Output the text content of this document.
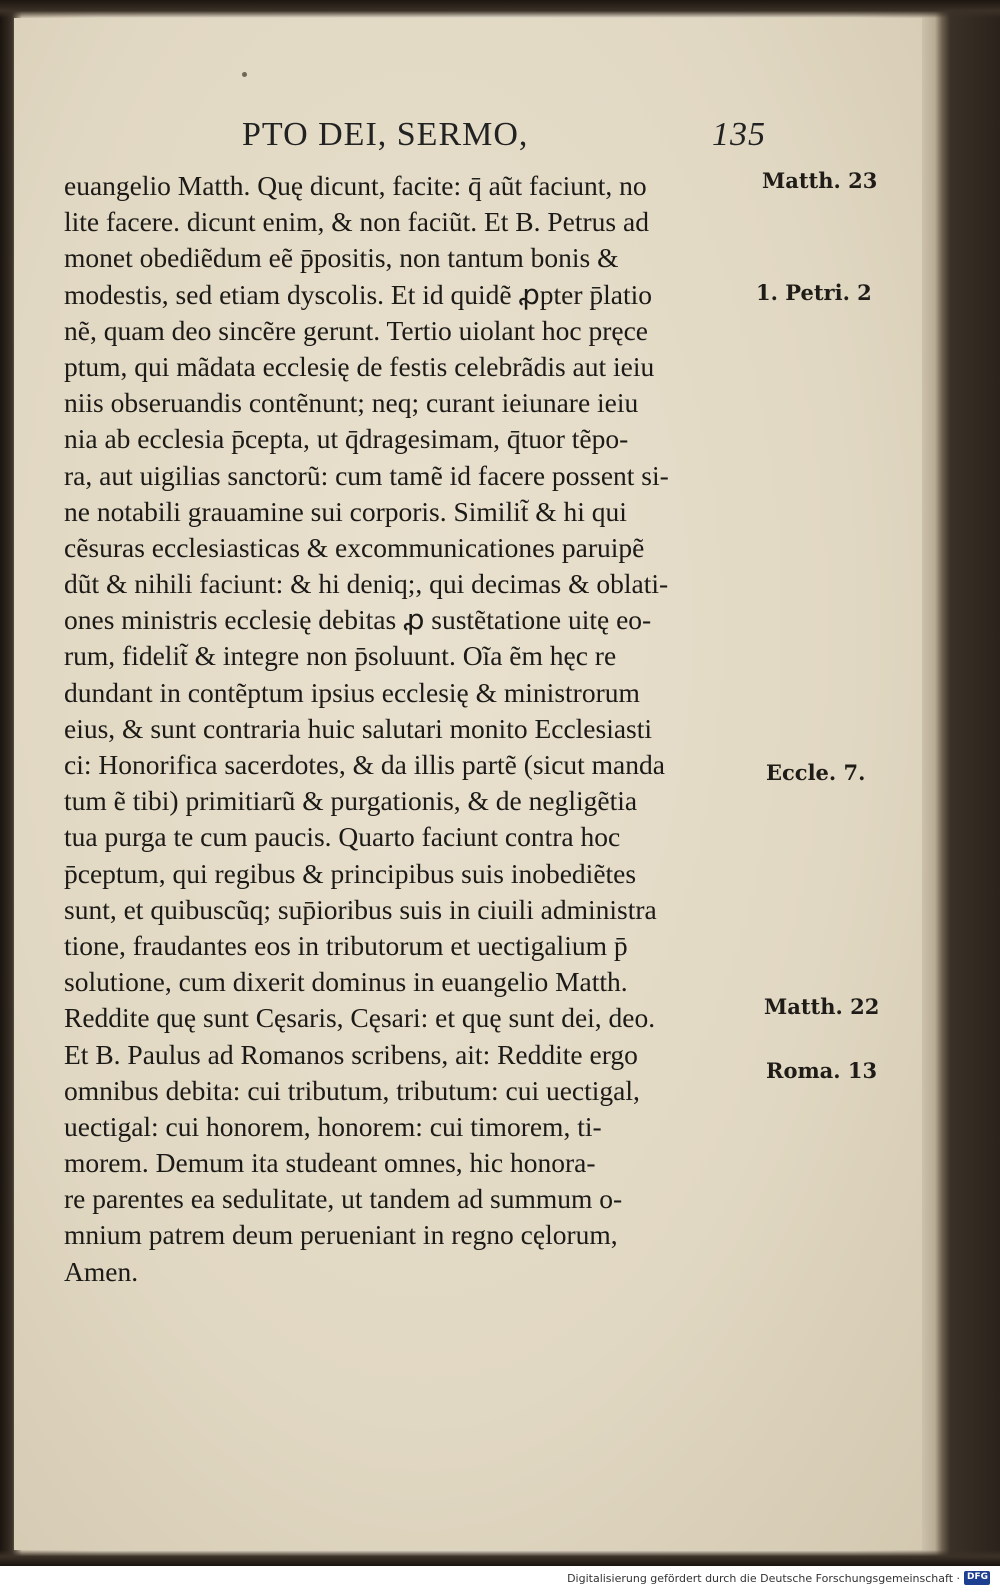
PTO DEI, SERMO,	135
euangelio Matth. Quę dicunt, facite: q̄ aũt faciunt, no
lite facere. dicunt enim, & non faciũt. Et B. Petrus ad
monet obediẽdum eẽ p̄positis, non tantum bonis &
modestis, sed etiam dyscolis. Et id quidẽ ꝓpter p̄latio
nẽ, quam deo sincẽre gerunt. Tertio uiolant hoc pręce
ptum, qui mãdata ecclesię de festis celebrãdis aut ieiu
niis obseruandis contẽnunt; neq; curant ieiunare ieiu
nia ab ecclesia p̄cepta, ut q̄dragesimam, q̄tuor tẽpo-
ra, aut uigilias sanctorũ: cum tamẽ id facere possent si-
ne notabili grauamine sui corporis. Similit̃ & hi qui
cẽsuras ecclesiasticas & excommunicationes paruipẽ
dũt & nihili faciunt: & hi deniq;, qui decimas & oblati-
ones ministris ecclesię debitas ꝓ sustẽtatione uitę eo-
rum, fidelit̃ & integre non p̄soluunt. Oĩa ẽm hęc re
dundant in contẽptum ipsius ecclesię & ministrorum
eius, & sunt contraria huic salutari monito Ecclesiasti
ci: Honorifica sacerdotes, & da illis partẽ (sicut manda
tum ẽ tibi) primitiarũ & purgationis, & de negligẽtia
tua purga te cum paucis. Quarto faciunt contra hoc
p̄ceptum, qui regibus & principibus suis inobediẽtes
sunt, et quibuscũq; sup̄ioribus suis in ciuili administra
tione, fraudantes eos in tributorum et uectigalium p̄
solutione, cum dixerit dominus in euangelio Matth.
Reddite quę sunt Cęsaris, Cęsari: et quę sunt dei, deo.
Et B. Paulus ad Romanos scribens, ait: Reddite ergo
omnibus debita: cui tributum, tributum: cui uectigal,
uectigal: cui honorem, honorem: cui timorem, ti-
morem. Demum ita studeant omnes, hic honora-
re parentes ea sedulitate, ut tandem ad summum o-
mnium patrem deum perueniant in regno cęlorum,
Amen.
Matth. 23
1. Petri. 2
Eccle. 7.
Matth. 22
Roma. 13
Digitalisierung gefördert durch die Deutsche Forschungsgemeinschaft ·
DFG
